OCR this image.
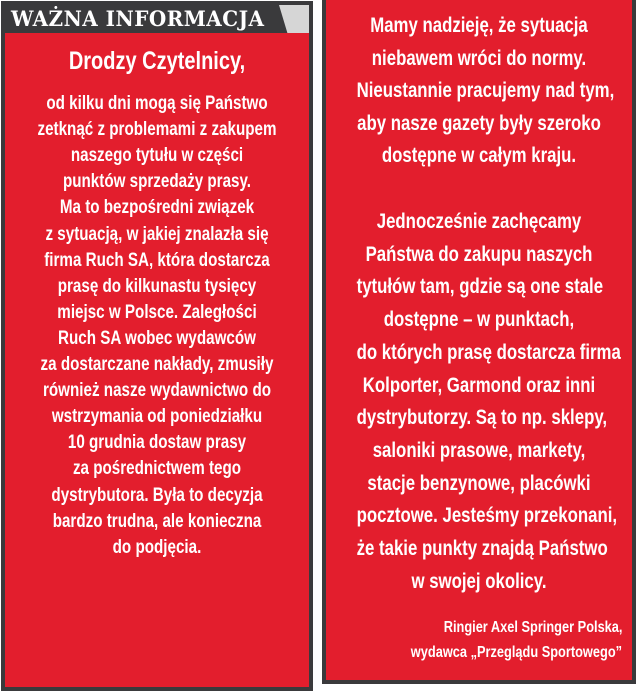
WAŻNA INFORMACJA
Drodzy Czytelnicy,
od kilku dni mogą się Państwo
zetknąć z problemami z zakupem
naszego tytułu w części
punktów sprzedaży prasy.
Ma to bezpośredni związek
z sytuacją, w jakiej znalazła się
firma Ruch SA, która dostarcza
prasę do kilkunastu tysięcy
miejsc w Polsce. Zaległości
Ruch SA wobec wydawców
za dostarczane nakłady, zmusiły
również nasze wydawnictwo do
wstrzymania od poniedziałku
10 grudnia dostaw prasy
za pośrednictwem tego
dystrybutora. Była to decyzja
bardzo trudna, ale konieczna
do podjęcia.
Mamy nadzieję, że sytuacja
niebawem wróci do normy.
Nieustannie pracujemy nad tym,
aby nasze gazety były szeroko
dostępne w całym kraju.
Jednocześnie zachęcamy
Państwa do zakupu naszych
tytułów tam, gdzie są one stale
dostępne – w punktach,
do których prasę dostarcza firma
Kolporter, Garmond oraz inni
dystrybutorzy. Są to np. sklepy,
saloniki prasowe, markety,
stacje benzynowe, placówki
pocztowe. Jesteśmy przekonani,
że takie punkty znajdą Państwo
w swojej okolicy.
Ringier Axel Springer Polska,
wydawca „Przeglądu Sportowego”
